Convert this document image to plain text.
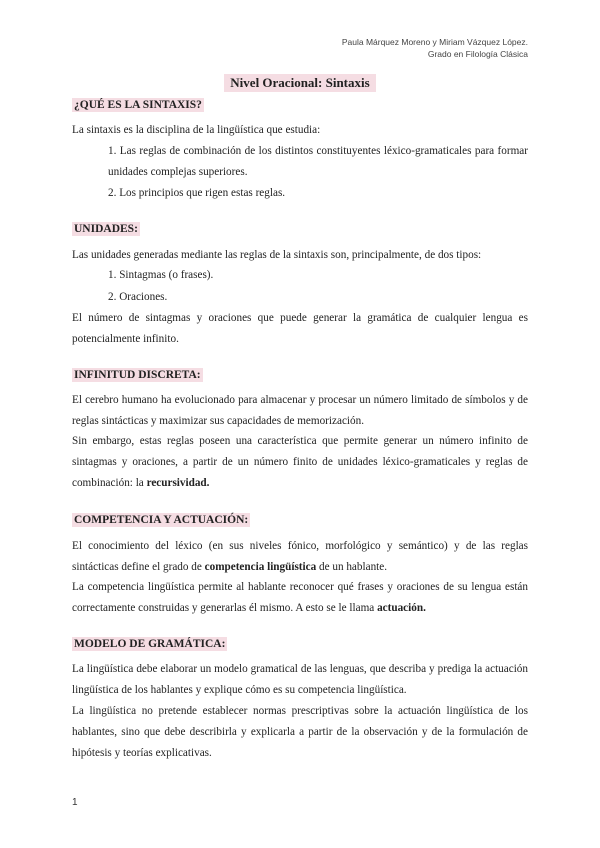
Paula Márquez Moreno y Miriam Vázquez López.
Grado en Filología Clásica
Nivel Oracional: Sintaxis
¿QUÉ ES LA SINTAXIS?
La sintaxis es la disciplina de la lingüística que estudia:
1. Las reglas de combinación de los distintos constituyentes léxico-gramaticales para formar unidades complejas superiores.
2. Los principios que rigen estas reglas.
UNIDADES:
Las unidades generadas mediante las reglas de la sintaxis son, principalmente, de dos tipos:
1. Sintagmas (o frases).
2. Oraciones.
El número de sintagmas y oraciones que puede generar la gramática de cualquier lengua es potencialmente infinito.
INFINITUD DISCRETA:
El cerebro humano ha evolucionado para almacenar y procesar un número limitado de símbolos y de reglas sintácticas y maximizar sus capacidades de memorización.
Sin embargo, estas reglas poseen una característica que permite generar un número infinito de sintagmas y oraciones, a partir de un número finito de unidades léxico-gramaticales y reglas de combinación: la recursividad.
COMPETENCIA Y ACTUACIÓN:
El conocimiento del léxico (en sus niveles fónico, morfológico y semántico) y de las reglas sintácticas define el grado de competencia lingüística de un hablante.
La competencia lingüística permite al hablante reconocer qué frases y oraciones de su lengua están correctamente construidas y generarlas él mismo. A esto se le llama actuación.
MODELO DE GRAMÁTICA:
La lingüística debe elaborar un modelo gramatical de las lenguas, que describa y prediga la actuación lingüística de los hablantes y explique cómo es su competencia lingüística.
La lingüística no pretende establecer normas prescriptivas sobre la actuación lingüística de los hablantes, sino que debe describirla y explicarla a partir de la observación y de la formulación de hipótesis y teorías explicativas.
1
